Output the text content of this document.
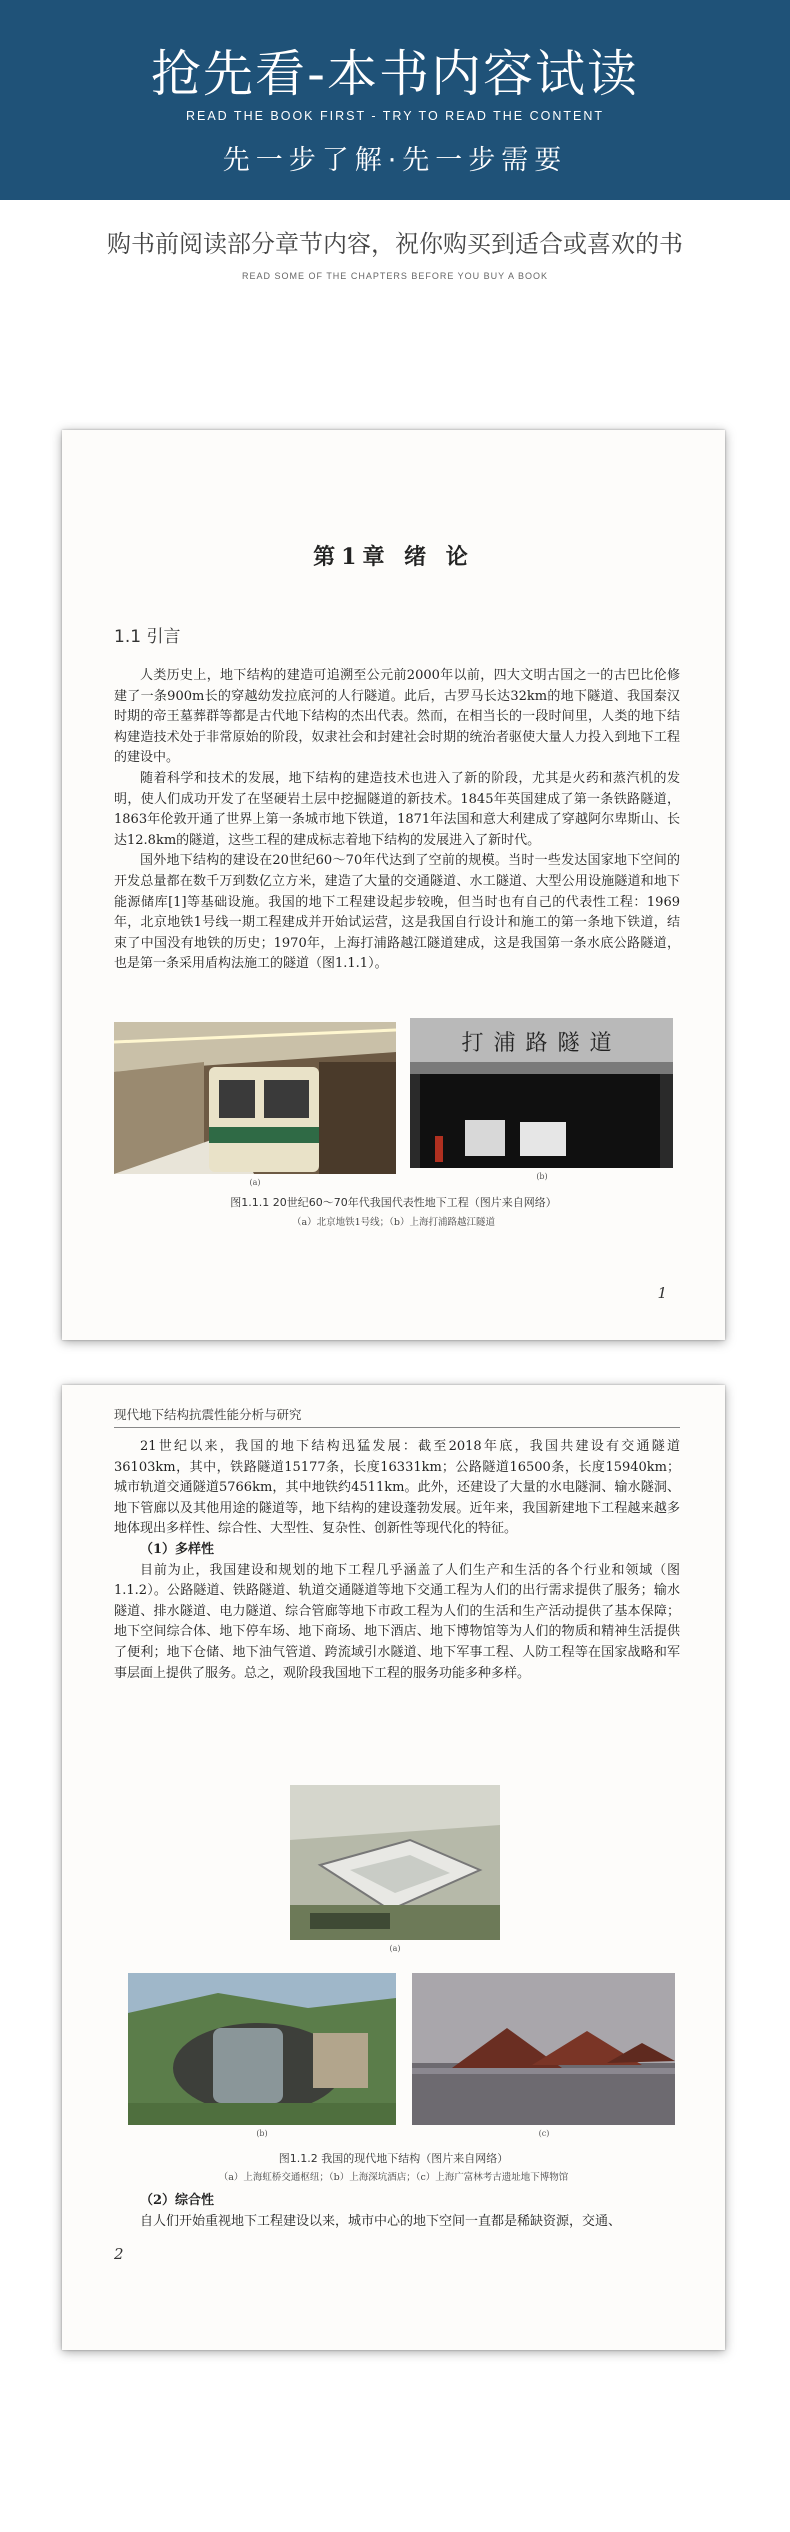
抢先看-本书内容试读
READ THE BOOK FIRST - TRY TO READ THE CONTENT
先一步了解·先一步需要
购书前阅读部分章节内容，祝你购买到适合或喜欢的书
READ SOME OF THE CHAPTERS BEFORE YOU BUY A BOOK
第1章 绪 论
1.1 引言

人类历史上，地下结构的建造可追溯至公元前2000年以前，四大文明古国之一的古巴比伦修建了一条900m长的穿越幼发拉底河的人行隧道。此后，古罗马长达32km的地下隧道、我国秦汉时期的帝王墓葬群等都是古代地下结构的杰出代表。然而，在相当长的一段时间里，人类的地下结构建造技术处于非常原始的阶段，奴隶社会和封建社会时期的统治者驱使大量人力投入到地下工程的建设中。

随着科学和技术的发展，地下结构的建造技术也进入了新的阶段，尤其是火药和蒸汽机的发明，使人们成功开发了在坚硬岩土层中挖掘隧道的新技术。1845年英国建成了第一条铁路隧道，1863年伦敦开通了世界上第一条城市地下铁道，1871年法国和意大利建成了穿越阿尔卑斯山、长达12.8km的隧道，这些工程的建成标志着地下结构的发展进入了新时代。

国外地下结构的建设在20世纪60～70年代达到了空前的规模。当时一些发达国家地下空间的开发总量都在数千万到数亿立方米，建造了大量的交通隧道、水工隧道、大型公用设施隧道和地下能源储库[1]等基础设施。我国的地下工程建设起步较晚，但当时也有自己的代表性工程：1969年，北京地铁1号线一期工程建成并开始试运营，这是我国自行设计和施工的第一条地下铁道，结束了中国没有地铁的历史；1970年，上海打浦路越江隧道建成，这是我国第一条水底公路隧道，也是第一条采用盾构法施工的隧道（图1.1.1）。

(a)
打浦路隧道
(b)
图1.1.1 20世纪60～70年代我国代表性地下工程（图片来自网络）
（a）北京地铁1号线；（b）上海打浦路越江隧道
1
现代地下结构抗震性能分析与研究

21世纪以来，我国的地下结构迅猛发展：截至2018年底，我国共建设有交通隧道36103km，其中，铁路隧道15177条，长度16331km；公路隧道16500条，长度15940km；城市轨道交通隧道5766km，其中地铁约4511km。此外，还建设了大量的水电隧洞、输水隧洞、地下管廊以及其他用途的隧道等，地下结构的建设蓬勃发展。近年来，我国新建地下工程越来越多地体现出多样性、综合性、大型性、复杂性、创新性等现代化的特征。

（1）多样性

目前为止，我国建设和规划的地下工程几乎涵盖了人们生产和生活的各个行业和领域（图1.1.2）。公路隧道、铁路隧道、轨道交通隧道等地下交通工程为人们的出行需求提供了服务；输水隧道、排水隧道、电力隧道、综合管廊等地下市政工程为人们的生活和生产活动提供了基本保障；地下空间综合体、地下停车场、地下商场、地下酒店、地下博物馆等为人们的物质和精神生活提供了便利；地下仓储、地下油气管道、跨流域引水隧道、地下军事工程、人防工程等在国家战略和军事层面上提供了服务。总之，观阶段我国地下工程的服务功能多种多样。

(a)
(b)	(c)
图1.1.2 我国的现代地下结构（图片来自网络）
（a）上海虹桥交通枢纽；（b）上海深坑酒店；（c）上海广富林考古遗址地下博物馆

（2）综合性

自人们开始重视地下工程建设以来，城市中心的地下空间一直都是稀缺资源，交通、

2
